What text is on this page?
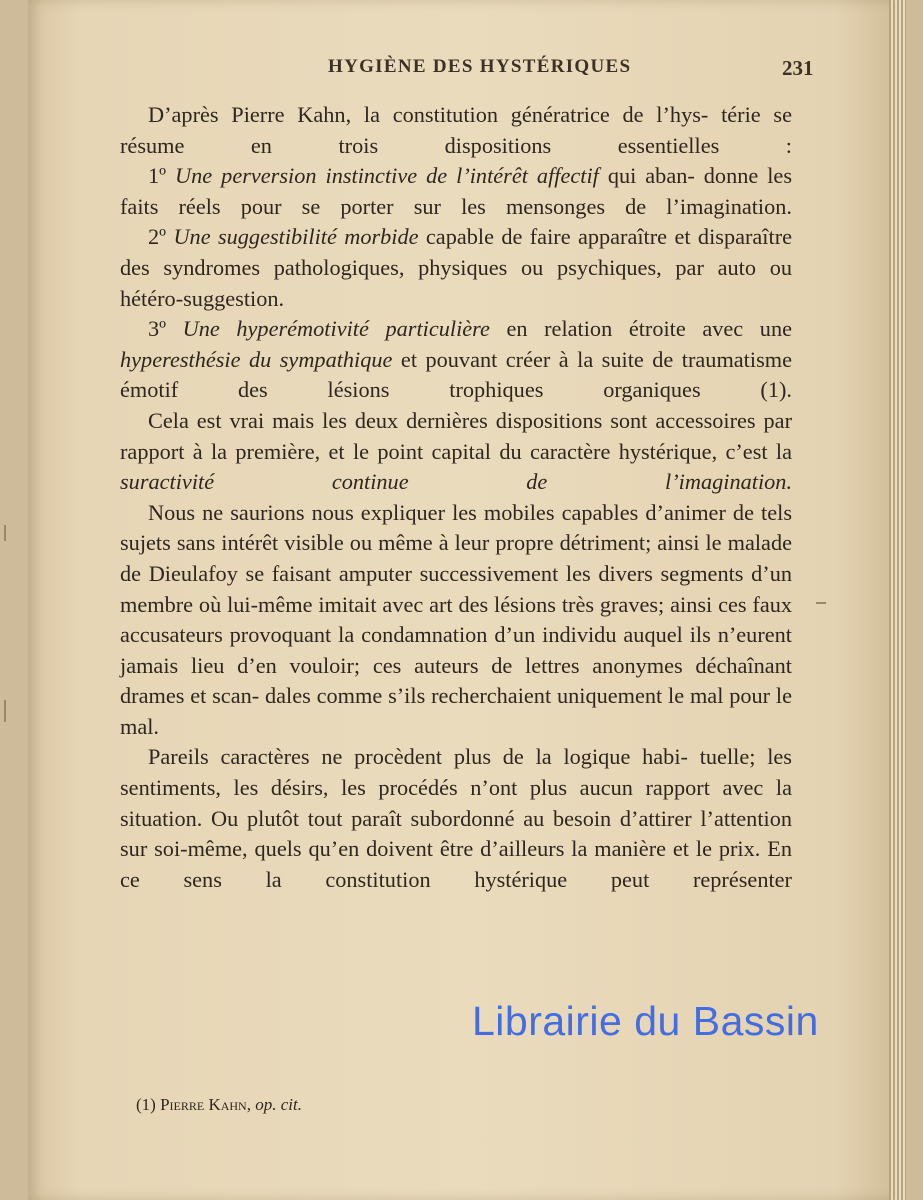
HYGIÈNE DES HYSTÉRIQUES	231

D’après Pierre Kahn, la constitution génératrice de l’hys- térie se résume en trois dispositions essentielles :

1º Une perversion instinctive de l’intérêt affectif qui aban- donne les faits réels pour se porter sur les mensonges de l’imagination.

2º Une suggestibilité morbide capable de faire apparaître et disparaître des syndromes pathologiques, physiques ou psychiques, par auto ou hétéro-suggestion.

3º Une hyperémotivité particulière en relation étroite avec une hyperesthésie du sympathique et pouvant créer à la suite de traumatisme émotif des lésions trophiques organiques (1).

Cela est vrai mais les deux dernières dispositions sont accessoires par rapport à la première, et le point capital du caractère hystérique, c’est la suractivité continue de	l’imagination.

Nous ne saurions nous expliquer les mobiles capables d’animer de tels sujets sans intérêt visible ou même à leur propre détriment; ainsi le malade de Dieulafoy se faisant amputer successivement les divers segments d’un membre où lui-même imitait avec art des lésions très graves; ainsi ces faux accusateurs provoquant la condamnation d’un individu auquel ils n’eurent jamais lieu d’en vouloir; ces auteurs de lettres anonymes déchaînant drames et scan- dales comme s’ils recherchaient uniquement le mal pour le mal.

Pareils caractères ne procèdent plus de la logique habi- tuelle; les sentiments, les désirs, les procédés n’ont plus aucun rapport avec la situation. Ou plutôt tout paraît subordonné au besoin d’attirer l’attention sur soi-même, quels qu’en doivent être d’ailleurs la manière et le prix. En ce sens la constitution hystérique peut représenter

(1) Pierre Kahn, op. cit.
Librairie du Bassin
